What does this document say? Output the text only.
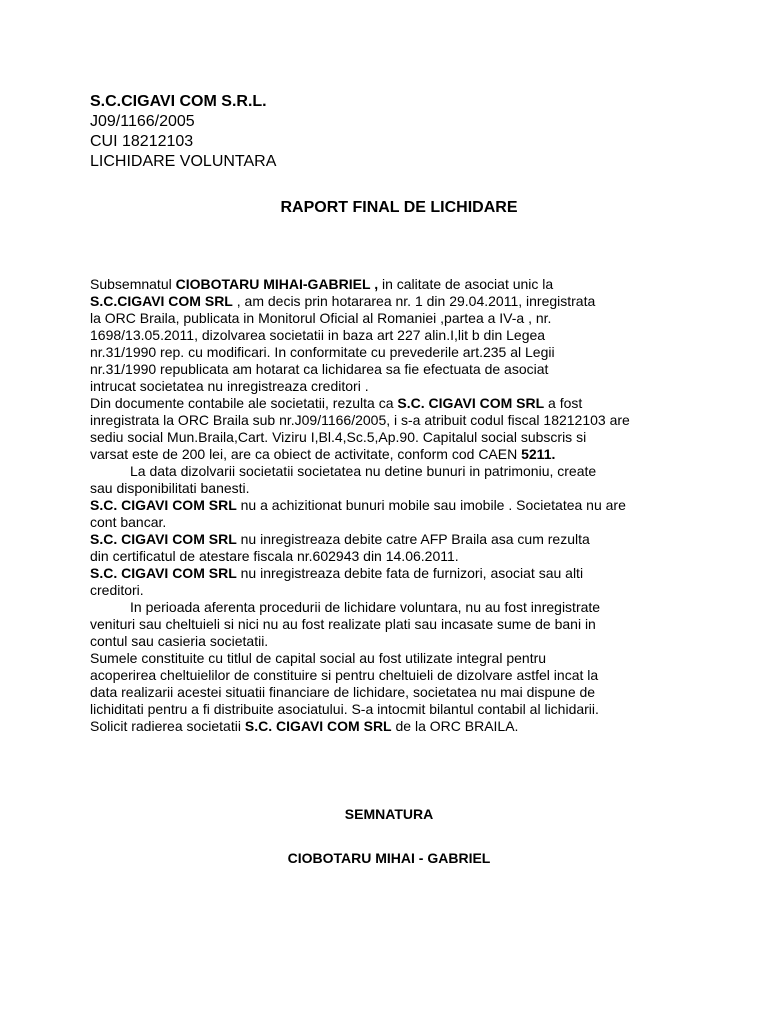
S.C.CIGAVI COM S.R.L.
J09/1166/2005
CUI 18212103
LICHIDARE VOLUNTARA
RAPORT FINAL DE LICHIDARE
Subsemnatul CIOBOTARU MIHAI-GABRIEL , in calitate de asociat unic la
S.C.CIGAVI COM SRL , am decis prin hotararea nr. 1 din 29.04.2011, inregistrata
la ORC Braila, publicata in Monitorul Oficial al Romaniei ,partea a IV-a , nr.
1698/13.05.2011, dizolvarea societatii in baza art 227 alin.I,lit b din Legea
nr.31/1990 rep. cu modificari. In conformitate cu prevederile art.235 al Legii
nr.31/1990 republicata am hotarat ca lichidarea sa fie efectuata de asociat
intrucat societatea nu inregistreaza creditori .
Din documente contabile ale societatii, rezulta ca S.C. CIGAVI COM SRL a fost
inregistrata la ORC Braila sub nr.J09/1166/2005, i s-a atribuit codul fiscal 18212103 are
sediu social Mun.Braila,Cart. Viziru I,Bl.4,Sc.5,Ap.90. Capitalul social subscris si
varsat este de 200 lei, are ca obiect de activitate, conform cod CAEN 5211.
La data dizolvarii societatii societatea nu detine bunuri in patrimoniu, create
sau disponibilitati banesti.
S.C. CIGAVI COM SRL nu a achizitionat bunuri mobile sau imobile . Societatea nu are
cont bancar.
S.C. CIGAVI COM SRL nu inregistreaza debite catre AFP Braila asa cum rezulta
din certificatul de atestare fiscala nr.602943 din 14.06.2011.
S.C. CIGAVI COM SRL nu inregistreaza debite fata de furnizori, asociat sau alti
creditori.
In perioada aferenta procedurii de lichidare voluntara, nu au fost inregistrate
venituri sau cheltuieli si nici nu au fost realizate plati sau incasate sume de bani in
contul sau casieria societatii.
Sumele constituite cu titlul de capital social au fost utilizate integral pentru
acoperirea cheltuielilor de constituire si pentru cheltuieli de dizolvare astfel incat la
data realizarii acestei situatii financiare de lichidare, societatea nu mai dispune de
lichiditati pentru a fi distribuite asociatului. S-a intocmit bilantul contabil al lichidarii.
Solicit radierea societatii S.C. CIGAVI COM SRL de la ORC BRAILA.
SEMNATURA
CIOBOTARU MIHAI - GABRIEL
